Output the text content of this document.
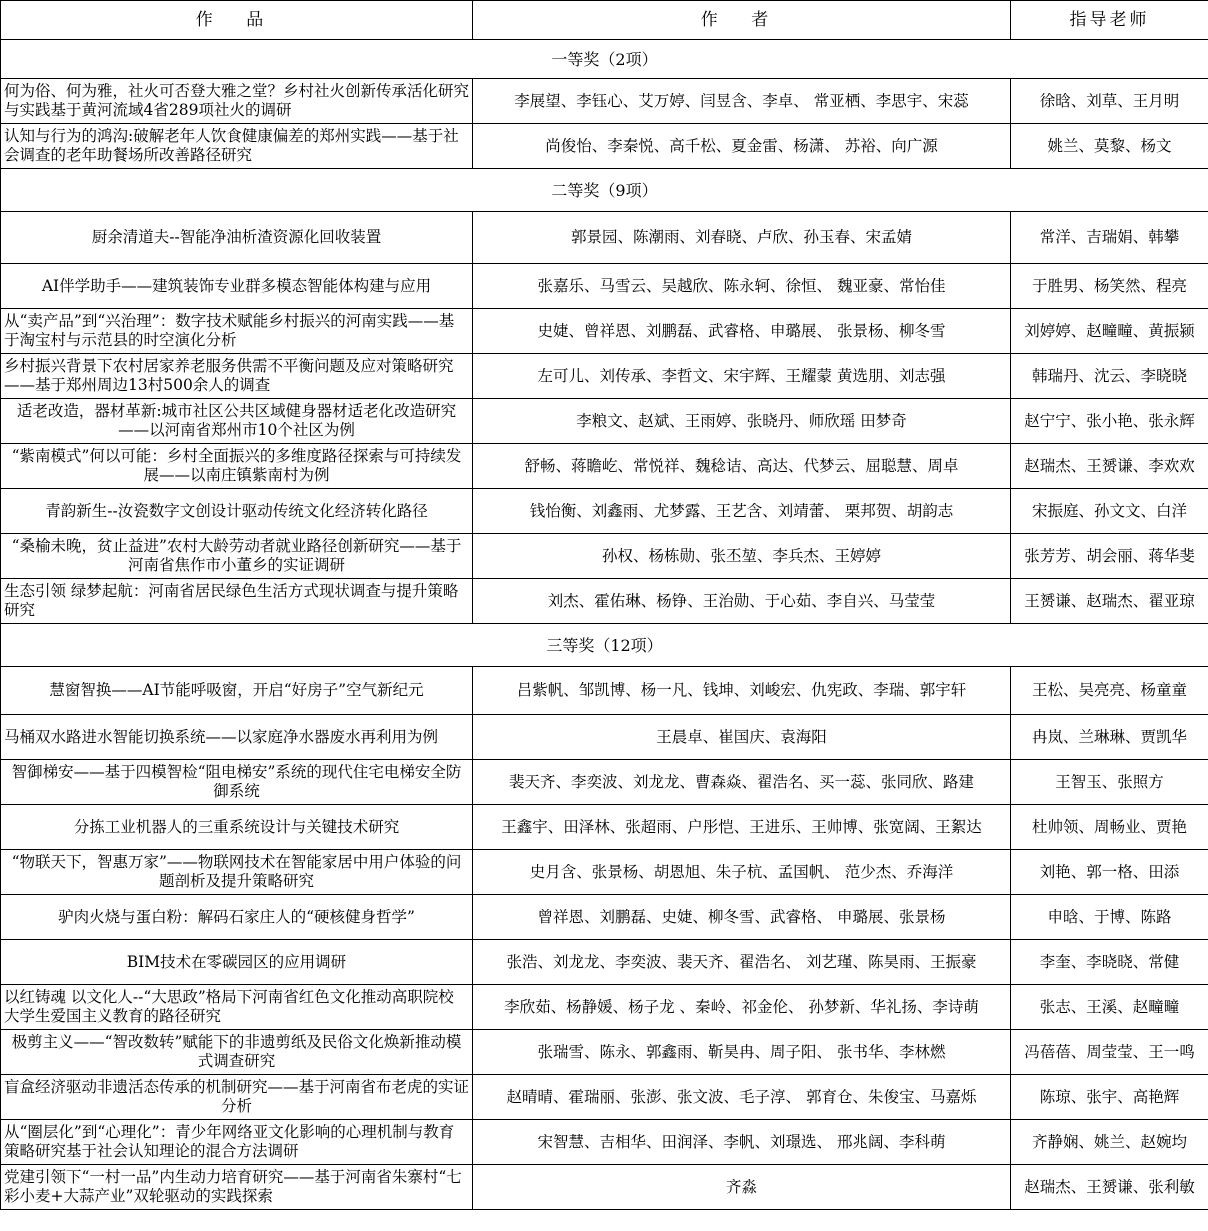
作 品	作 者	指导老师
一等奖（2项）		
何为俗、何为雅，社火可否登大雅之堂？乡村社火创新传承活化研究与实践基于黄河流域4省289项社火的调研	李展望、李钰心、艾万婷、闫昱含、李卓、 常亚栖、李思宇、宋蕊	徐晗、刘草、王月明
认知与行为的鸿沟:破解老年人饮食健康偏差的郑州实践——基于社会调查的老年助餐场所改善路径研究	尚俊怡、李秦悦、高千松、夏金雷、杨潇、 苏裕、向广源	姚兰、莫黎、杨文
二等奖（9项）		
厨余清道夫--智能净油析渣资源化回收装置	郭景园、陈潮雨、刘春晓、卢欣、孙玉春、宋孟婧	常洋、吉瑞娟、韩攀
AI伴学助手——建筑装饰专业群多模态智能体构建与应用	张嘉乐、马雪云、吴越欣、陈永轲、徐恒、 魏亚豪、常怡佳	于胜男、杨笑然、程亮
从“卖产品”到“兴治理”：数字技术赋能乡村振兴的河南实践——基于淘宝村与示范县的时空演化分析	史婕、曾祥恩、刘鹏磊、武睿格、申璐展、 张景杨、柳冬雪	刘婷婷、赵疃疃、黄振颍
乡村振兴背景下农村居家养老服务供需不平衡问题及应对策略研究——基于郑州周边13村500余人的调查	左可儿、刘传承、李哲文、宋宇辉、王耀蒙 黄选朋、刘志强	韩瑞丹、沈云、李晓晓
适老改造，器材革新:城市社区公共区域健身器材适老化改造研究——以河南省郑州市10个社区为例	李粮文、赵斌、王雨婷、张晓丹、师欣瑶 田梦奇	赵宁宁、张小艳、张永辉
“紫南模式”何以可能：乡村全面振兴的多维度路径探索与可持续发展——以南庄镇紫南村为例	舒畅、蒋瞻屹、常悦祥、魏稔诘、高达、代梦云、屈聪慧、周卓	赵瑞杰、王赟谦、李欢欢
青韵新生--汝瓷数字文创设计驱动传统文化经济转化路径	钱怡衡、刘鑫雨、尤梦露、王艺含、刘靖蕾、 栗邦贺、胡韵志	宋振庭、孙文文、白洋
“桑榆未晚，贫止益进”农村大龄劳动者就业路径创新研究——基于河南省焦作市小董乡的实证调研	孙权、杨栋勋、张丕堃、李兵杰、王婷婷	张芳芳、胡会丽、蒋华斐
生态引领 绿梦起航：河南省居民绿色生活方式现状调查与提升策略研究	刘杰、霍佑琳、杨铮、王治勋、于心茹、李自兴、马莹莹	王赟谦、赵瑞杰、翟亚琼
三等奖（12项）		
慧窗智换——AI节能呼吸窗，开启“好房子”空气新纪元	吕紫帆、邹凯博、杨一凡、钱坤、刘峻宏、仇宪政、李瑞、郭宇轩	王松、吴亮亮、杨童童
马桶双水路进水智能切换系统——以家庭净水器废水再利用为例	王晨卓、崔国庆、袁海阳	冉岚、兰琳琳、贾凯华
智御梯安——基于四模智检“阻电梯安”系统的现代住宅电梯安全防御系统	裴天齐、李奕波、刘龙龙、曹森焱、翟浩名、买一蕊、张同欣、路建	王智玉、张照方
分拣工业机器人的三重系统设计与关键技术研究	王鑫宇、田泽林、张超雨、户彤恺、王进乐、王帅博、张宽阔、王絮达	杜帅领、周畅业、贾艳
“物联天下，智惠万家”——物联网技术在智能家居中用户体验的问题剖析及提升策略研究	史月含、张景杨、胡恩旭、朱子杭、孟国帆、 范少杰、乔海洋	刘艳、郭一格、田添
驴肉火烧与蛋白粉：解码石家庄人的“硬核健身哲学”	曾祥恩、刘鹏磊、史婕、柳冬雪、武睿格、 申璐展、张景杨	申晗、于博、陈路
BIM技术在零碳园区的应用调研	张浩、刘龙龙、李奕波、裴天齐、翟浩名、 刘艺瑾、陈昊雨、王振豪	李奎、李晓晓、常健
以红铸魂 以文化人--“大思政”格局下河南省红色文化推动高职院校大学生爱国主义教育的路径研究	李欣茹、杨静媛、杨子龙 、秦岭、祁金伦、 孙梦新、华礼扬、李诗萌	张志、王溪、赵疃疃
极剪主义——“智改数转”赋能下的非遗剪纸及民俗文化焕新推动模式调查研究	张瑞雪、陈永、郭鑫雨、靳昊冉、周子阳、 张书华、李林燃	冯蓓蓓、周莹莹、王一鸣
盲盒经济驱动非遗活态传承的机制研究——基于河南省布老虎的实证分析	赵晴晴、霍瑞丽、张澎、张文波、毛子淳、 郭育仓、朱俊宝、马嘉烁	陈琼、张宇、高艳辉
从“圈层化”到“心理化”：青少年网络亚文化影响的心理机制与教育策略研究基于社会认知理论的混合方法调研	宋智慧、吉相华、田润泽、李帆、刘璟选、 邢兆阔、李科萌	齐静娴、姚兰、赵婉均
党建引领下“一村一品”内生动力培育研究——基于河南省朱寨村“七彩小麦+大蒜产业”双轮驱动的实践探索	齐淼	赵瑞杰、王赟谦、张利敏
